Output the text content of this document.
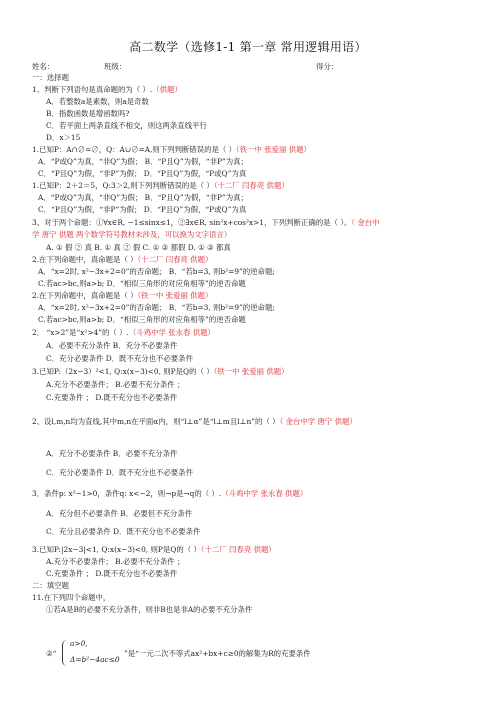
高二数学（选修1-1 第一章 常用逻辑用语）
姓名：	班级：	得分：
一：选择题
1、判断下列语句是真命题的为（ ）.（供题）
A．若整数a是素数，则a是奇数
B．指数函数是增函数吗?
C．若平面上两条直线不相交，则这两条直线平行
D．x＞15
1.已知P：A∩∅=∅，Q：A∪∅=A,则下列判断错误的是（ ）（铁一中 张爱丽 供题）
A．“P或Q”为真，“非Q”为假； B．“P且Q”为假，“非P”为真；
C．“P且Q”为假，“非P”为假； D．“P且Q”为假，“P或Q”为真
1.已知P：2＋2＝5，Q:3＞2,则下列判断错误的是（ ）（十二厂 闫春亮 供题）
A．“P或Q”为真，“非Q”为假； B．“P且Q”为假，“非P”为真；
C．“P且Q”为假，“非P”为假； D．“P且Q”为假，“P或Q”为真
3、对于两个命题：①∀x∈R, −1≤sinx≤1，②∃x∈R, sin²x+cos²x>1，下列判断正确的是（ ）。（ 金台中
学 唐宁 供题 两个数学符号教材未涉及，可以换为文字语言）
A. ① 假 ② 真 B. ① 真 ② 假 C. ① ② 都假 D. ① ② 都真
2.在下列命题中，真命题是（ ）（十二厂 闫春亮 供题）
A．“x=2时, x²−3x+2=0”的否命题； B．“若b=3, 则b²=9”的逆命题;
C.若ac>bc,则a>b; D．“相似三角形的对应角相等”的逆否命题
2.在下列命题中，真命题是（ ）（铁一中 张爱丽 供题）
A．“x=2时, x²−3x+2=0”的否命题； B．“若b=3, 则b²=9”的逆命题;
C.若ac>bc,则a>b; D．“相似三角形的对应角相等”的逆否命题
2． “x>2”是“x²>4”的（ ）.（斗鸡中学 张永春 供题）
A．必要不充分条件 B．充分不必要条件
C．充分必要条件 D．既不充分也不必要条件
3.已知P:（2x−3）²<1, Q:x(x−3)<0, 则P是Q的（ ）（铁一中 张爱丽 供题）
A.充分不必要条件； B.必要不充分条件 ；
C.充要条件 ； D.既不充分也不必要条件
2、设l,m,n均为直线,其中m,n在平面α内，则“l⊥α”是“l⊥m且l⊥n”的（ ）（ 金台中学 唐宁 供题）
A．充分不必要条件 B．必要不充分条件
C．充分必要条件 D．既不充分也不必要条件
3．条件p: x²−1>0，条件q: x<−2，则¬p是¬q的（ ）.（斗鸡中学 张永春 供题）
A．充分但不必要条件 B．必要但不充分条件
C．充分且必要条件 D．既不充分也不必要条件
3.已知P:|2x−3|<1, Q:x(x−3)<0, 则P是Q的（ ）（十二厂 闫春亮 供题）
A.充分不必要条件； B.必要不充分条件 ；
C.充要条件 ； D.既不充分也不必要条件
二：填空题
11.在下列四个命题中，
①若A是B的必要不充分条件，则非B也是非A的必要不充分条件
②“
a>0,
Δ=b²−4ac≤0
”是“一元二次不等式ax²+bx+c≥0的解集为R的充要条件
